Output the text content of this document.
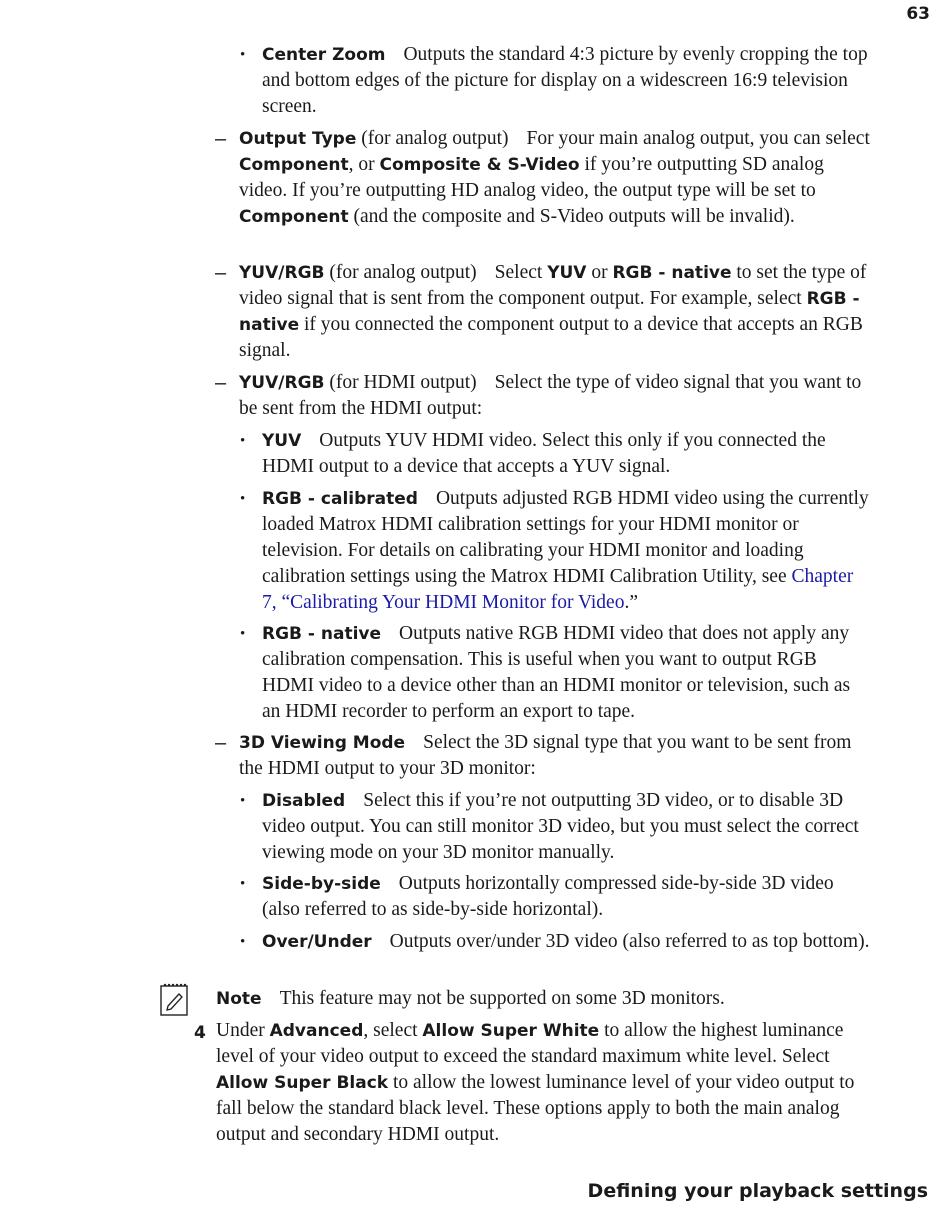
63
• Center Zoom Outputs the standard 4:3 picture by evenly cropping the top and bottom edges of the picture for display on a widescreen 16:9 television screen.
– Output Type (for analog output) For your main analog output, you can select Component, or Composite & S-Video if you’re outputting SD analog video. If you’re outputting HD analog video, the output type will be set to Component (and the composite and S-Video outputs will be invalid).
– YUV/RGB (for analog output) Select YUV or RGB - native to set the type of video signal that is sent from the component output. For example, select RGB - native if you connected the component output to a device that accepts an RGB signal.
– YUV/RGB (for HDMI output) Select the type of video signal that you want to be sent from the HDMI output:
• YUV Outputs YUV HDMI video. Select this only if you connected the HDMI output to a device that accepts a YUV signal.
• RGB - calibrated Outputs adjusted RGB HDMI video using the currently loaded Matrox HDMI calibration settings for your HDMI monitor or television. For details on calibrating your HDMI monitor and loading calibration settings using the Matrox HDMI Calibration Utility, see Chapter 7, “Calibrating Your HDMI Monitor for Video.”
• RGB - native Outputs native RGB HDMI video that does not apply any calibration compensation. This is useful when you want to output RGB HDMI video to a device other than an HDMI monitor or television, such as an HDMI recorder to perform an export to tape.
– 3D Viewing Mode Select the 3D signal type that you want to be sent from the HDMI output to your 3D monitor:
• Disabled Select this if you’re not outputting 3D video, or to disable 3D video output. You can still monitor 3D video, but you must select the correct viewing mode on your 3D monitor manually.
• Side-by-side Outputs horizontally compressed side-by-side 3D video (also referred to as side-by-side horizontal).
• Over/Under Outputs over/under 3D video (also referred to as top bottom).
Note This feature may not be supported on some 3D monitors.
4 Under Advanced, select Allow Super White to allow the highest luminance level of your video output to exceed the standard maximum white level. Select Allow Super Black to allow the lowest luminance level of your video output to fall below the standard black level. These options apply to both the main analog output and secondary HDMI output.
Defining your playback settings
